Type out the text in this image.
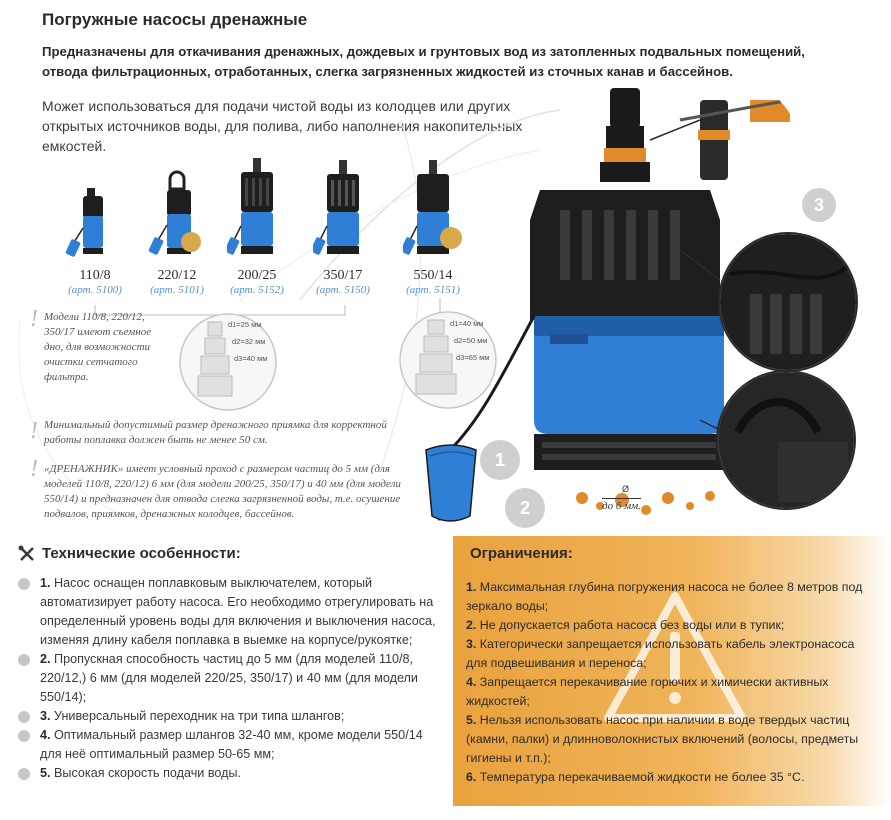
Погружные насосы дренажные
Предназначены для откачивания дренажных, дождевых и грунтовых вод из затопленных подвальных помещений, отвода фильтрационных, отработанных, слегка загрязненных жидкостей из сточных канав и бассейнов.
Может использоваться для подачи чистой воды из колодцев или других открытых источников воды, для полива, либо наполнения накопительных емкостей.
110/8
(арт. 5100)
220/12
(арт. 5101)
200/25
(арт. 5152)
350/17
(арт. 5150)
550/14
(арт. 5151)
d1=25 мм
d2=32 мм
d3=40 мм
d1=40 мм
d2=50 мм
d3=65 мм
! Модели 110/8, 220/12, 350/17 имеют съемное дно, для возможности очистки сетчатого фильтра.
! Минимальный допустимый размер дренажного приямка для корректной работы поплавка должен быть не менее 50 см.
! «ДРЕНАЖНИК» имеет условный проход с размером частиц до 5 мм (для моделей 110/8, 220/12) 6 мм (для модели 200/25, 350/17) и 40 мм (для модели 550/14) и предназначен для отвода слегка загрязненной воды, т.е. осушение подвалов, приямков, дренажных колодцев, бассейнов.
3
1
2
Ø
до 6 мм.
Технические особенности:
1. Насос оснащен поплавковым выключателем, который автоматизирует работу насоса. Его необходимо отрегулировать на определенный уровень воды для включения и выключения насоса, изменяя длину кабеля поплавка в выемке на корпусе/рукоятке;
2. Пропускная способность частиц до 5 мм (для моделей 110/8, 220/12,) 6 мм (для моделей 220/25, 350/17) и 40 мм (для модели 550/14);
3. Универсальный переходник на три типа шлангов;
4. Оптимальный размер шлангов 32-40 мм, кроме модели 550/14 для неё оптимальный размер 50-65 мм;
5. Высокая скорость подачи воды.
Ограничения:
1. Максимальная глубина погружения насоса не более 8 метров под зеркало воды;
2. Не допускается работа насоса без воды или в тупик;
3. Категорически запрещается использовать кабель электронасоса для подвешивания и переноса;
4. Запрещается перекачивание горючих и химически активных жидкостей;
5. Нельзя использовать насос при наличии в воде твердых частиц (камни, палки) и длинноволокнистых включений (волосы, предметы гигиены и т.п.);
6. Температура перекачиваемой жидкости не более 35 °С.
